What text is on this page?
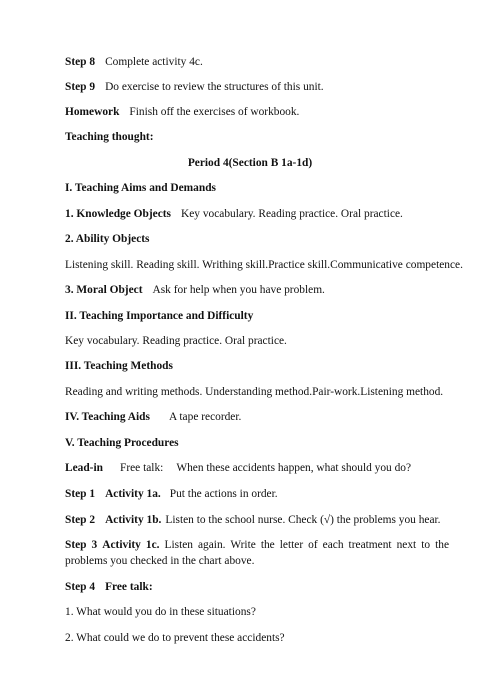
Step 8 Complete activity 4c.
Step 9 Do exercise to review the structures of this unit.
Homework Finish off the exercises of workbook.
Teaching thought:
Period 4(Section B 1a-1d)
I. Teaching Aims and Demands
1. Knowledge Objects Key vocabulary. Reading practice. Oral practice.
2. Ability Objects
Listening skill. Reading skill. Writhing skill.Practice skill.Communicative competence.
3. Moral Object Ask for help when you have problem.
II. Teaching Importance and Difficulty
Key vocabulary. Reading practice. Oral practice.
III. Teaching Methods
Reading and writing methods. Understanding method.Pair-work.Listening method.
IV. Teaching Aids A tape recorder.
V. Teaching Procedures
Lead-in Free talk: When these accidents happen, what should you do?
Step 1 Activity 1a. Put the actions in order.
Step 2 Activity 1b. Listen to the school nurse. Check (√) the problems you hear.
Step 3 Activity 1c. Listen again. Write the letter of each treatment next to the
problems you checked in the chart above.
Step 4 Free talk:
1. What would you do in these situations?
2. What could we do to prevent these accidents?
